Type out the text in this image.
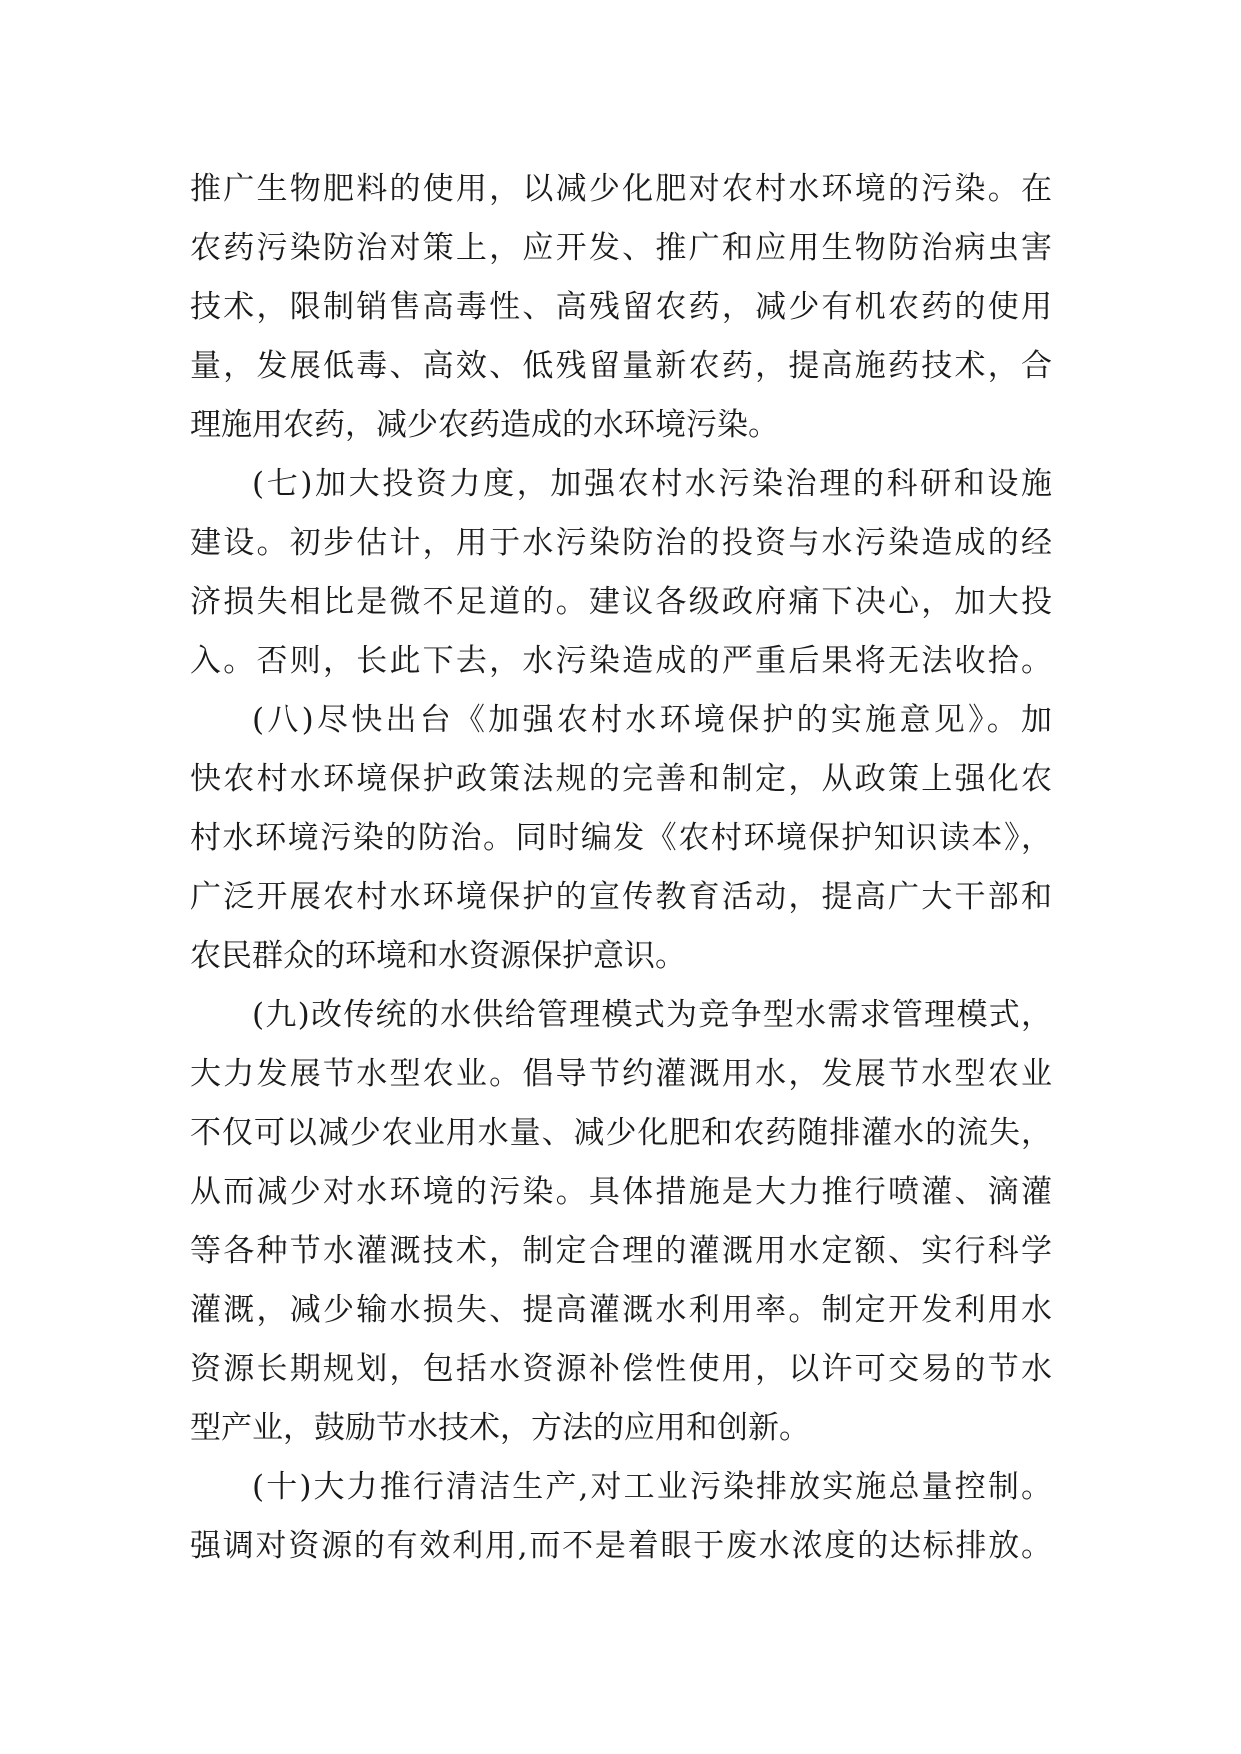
推广生物肥料的使用，以减少化肥对农村水环境的污染。在
农药污染防治对策上，应开发、推广和应用生物防治病虫害
技术，限制销售高毒性、高残留农药，减少有机农药的使用
量，发展低毒、高效、低残留量新农药，提高施药技术，合
理施用农药，减少农药造成的水环境污染。
(七)加大投资力度，加强农村水污染治理的科研和设施
建设。初步估计，用于水污染防治的投资与水污染造成的经
济损失相比是微不足道的。建议各级政府痛下决心，加大投
入。否则，长此下去，水污染造成的严重后果将无法收拾。
(八)尽快出台《加强农村水环境保护的实施意见》。加
快农村水环境保护政策法规的完善和制定，从政策上强化农
村水环境污染的防治。同时编发《农村环境保护知识读本》，
广泛开展农村水环境保护的宣传教育活动，提高广大干部和
农民群众的环境和水资源保护意识。
(九)改传统的水供给管理模式为竞争型水需求管理模式，
大力发展节水型农业。倡导节约灌溉用水，发展节水型农业
不仅可以减少农业用水量、减少化肥和农药随排灌水的流失，
从而减少对水环境的污染。具体措施是大力推行喷灌、滴灌
等各种节水灌溉技术，制定合理的灌溉用水定额、实行科学
灌溉，减少输水损失、提高灌溉水利用率。制定开发利用水
资源长期规划，包括水资源补偿性使用，以许可交易的节水
型产业，鼓励节水技术，方法的应用和创新。
(十)大力推行清洁生产,对工业污染排放实施总量控制。
强调对资源的有效利用,而不是着眼于废水浓度的达标排放。
